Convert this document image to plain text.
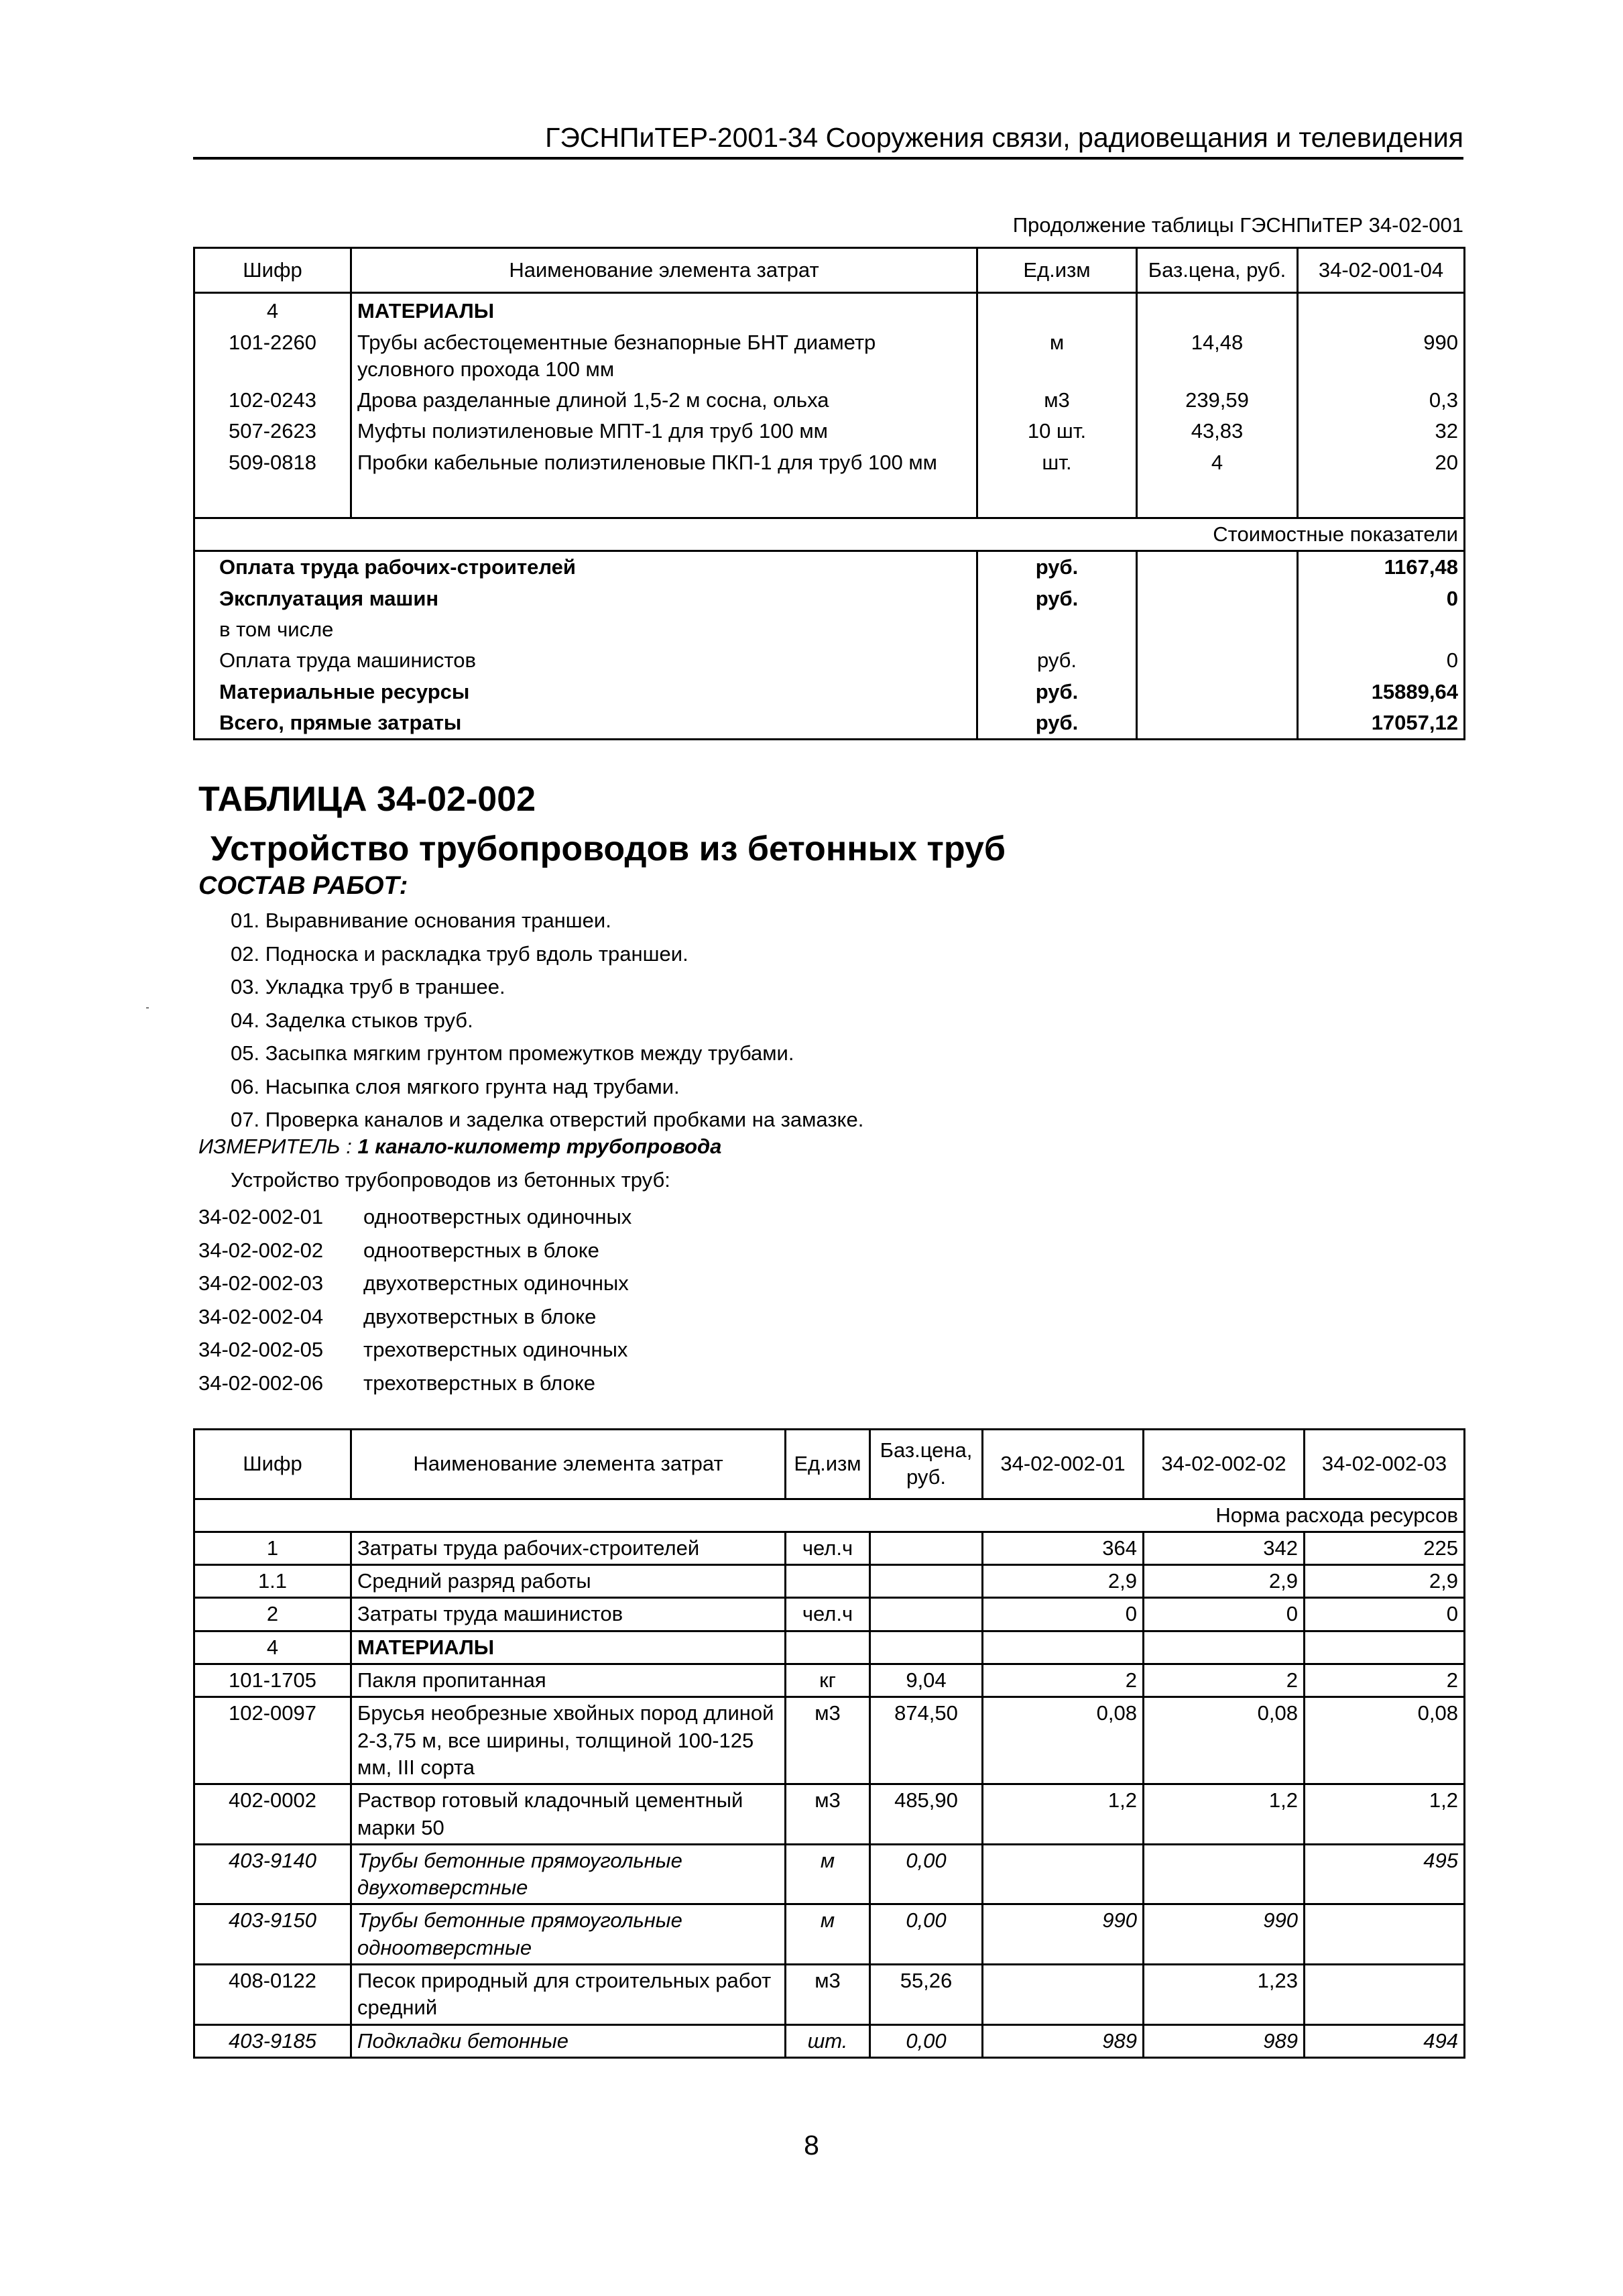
ГЭСНПиТЕР-2001-34 Сооружения связи, радиовещания и телевидения
Продолжение таблицы ГЭСНПиТЕР 34-02-001
Шифр	Наименование элемента затрат	Ед.изм	Баз.цена, руб.	34-02-001-04
4	МАТЕРИАЛЫ			
101-2260	Трубы асбестоцементные безнапорные БНТ диаметр условного прохода 100 мм	м	14,48	990
102-0243	Дрова разделанные длиной 1,5-2 м сосна, ольха	м3	239,59	0,3
507-2623	Муфты полиэтиленовые МПТ-1 для труб 100 мм	10 шт.	43,83	32
509-0818	Пробки кабельные полиэтиленовые ПКП-1 для труб 100 мм	шт.	4	20

Стоимостные показатели				
Оплата труда рабочих-строителей		руб.		1167,48
Эксплуатация машин		руб.		0
в том числе				
Оплата труда машинистов		руб.		0
Материальные ресурсы		руб.		15889,64
Всего, прямые затраты		руб.		17057,12
ТАБЛИЦА 34-02-002
Устройство трубопроводов из бетонных труб
СОСТАВ РАБОТ:
01. Выравнивание основания траншеи.
02. Подноска и раскладка труб вдоль траншеи.
03. Укладка труб в траншее.
04. Заделка стыков труб.
05. Засыпка мягким грунтом промежутков между трубами.
06. Насыпка слоя мягкого грунта над трубами.
07. Проверка каналов и заделка отверстий пробками на замазке.
ИЗМЕРИТЕЛЬ : 1 канало-километр трубопровода
Устройство трубопроводов из бетонных труб:
34-02-002-01	одноотверстных одиночных
34-02-002-02	одноотверстных в блоке
34-02-002-03	двухотверстных одиночных
34-02-002-04	двухотверстных в блоке
34-02-002-05	трехотверстных одиночных
34-02-002-06	трехотверстных в блоке
Шифр	Наименование элемента затрат	Ед.изм	Баз.цена, руб.	34-02-002-01	34-02-002-02	34-02-002-03
Норма расхода ресурсов						
1	Затраты труда рабочих-строителей	чел.ч		364	342	225
1.1	Средний разряд работы			2,9	2,9	2,9
2	Затраты труда машинистов	чел.ч		0	0	0
4	МАТЕРИАЛЫ					
101-1705	Пакля пропитанная	кг	9,04	2	2	2
102-0097	Брусья необрезные хвойных пород длиной 2-3,75 м, все ширины, толщиной 100-125 мм, III сорта	м3	874,50	0,08	0,08	0,08
402-0002	Раствор готовый кладочный цементный марки 50	м3	485,90	1,2	1,2	1,2
403-9140	Трубы бетонные прямоугольные двухотверстные	м	0,00			495
403-9150	Трубы бетонные прямоугольные одноотверстные	м	0,00	990	990	
408-0122	Песок природный для строительных работ средний	м3	55,26		1,23	
403-9185	Подкладки бетонные	шт.	0,00	989	989	494
8
